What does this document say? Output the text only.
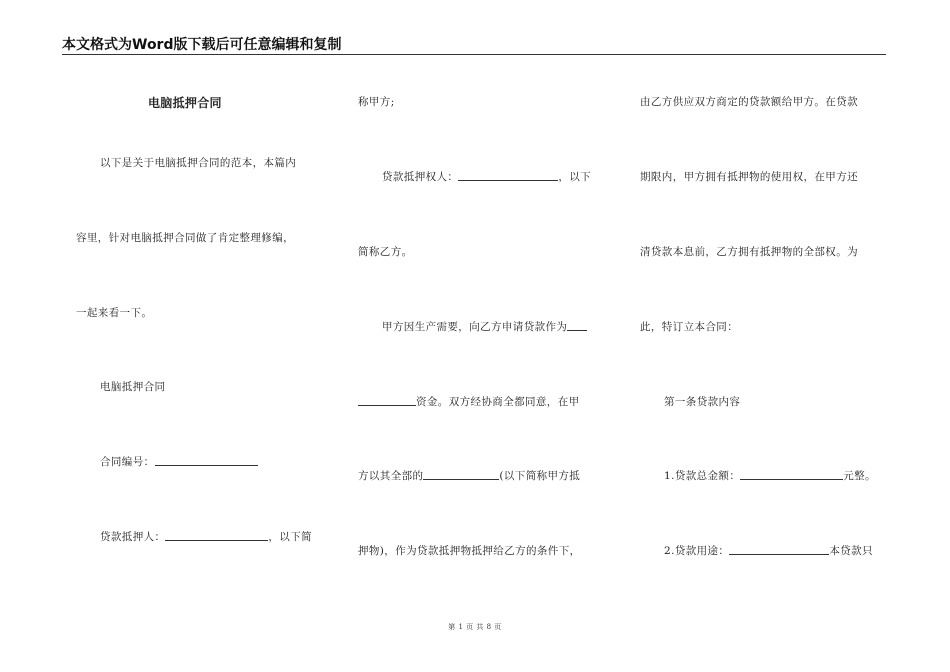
本文格式为Word版下载后可任意编辑和复制
电脑抵押合同
以下是关于电脑抵押合同的范本，本篇内
容里，针对电脑抵押合同做了肯定整理修编，
一起来看一下。
电脑抵押合同
合同编号：
贷款抵押人：	，以下简
称甲方;
贷款抵押权人：	，以下
简称乙方。
甲方因生产需要，向乙方申请贷款作为
资金。双方经协商全都同意，在甲
方以其全部的	(以下简称甲方抵
押物)，作为贷款抵押物抵押给乙方的条件下，
由乙方供应双方商定的贷款额给甲方。在贷款
期限内，甲方拥有抵押物的使用权，在甲方还
清贷款本息前，乙方拥有抵押物的全部权。为
此，特订立本合同：
第一条贷款内容
1.贷款总金额：	元整。
2.贷款用途：	本贷款只
第 1 页 共 8 页
